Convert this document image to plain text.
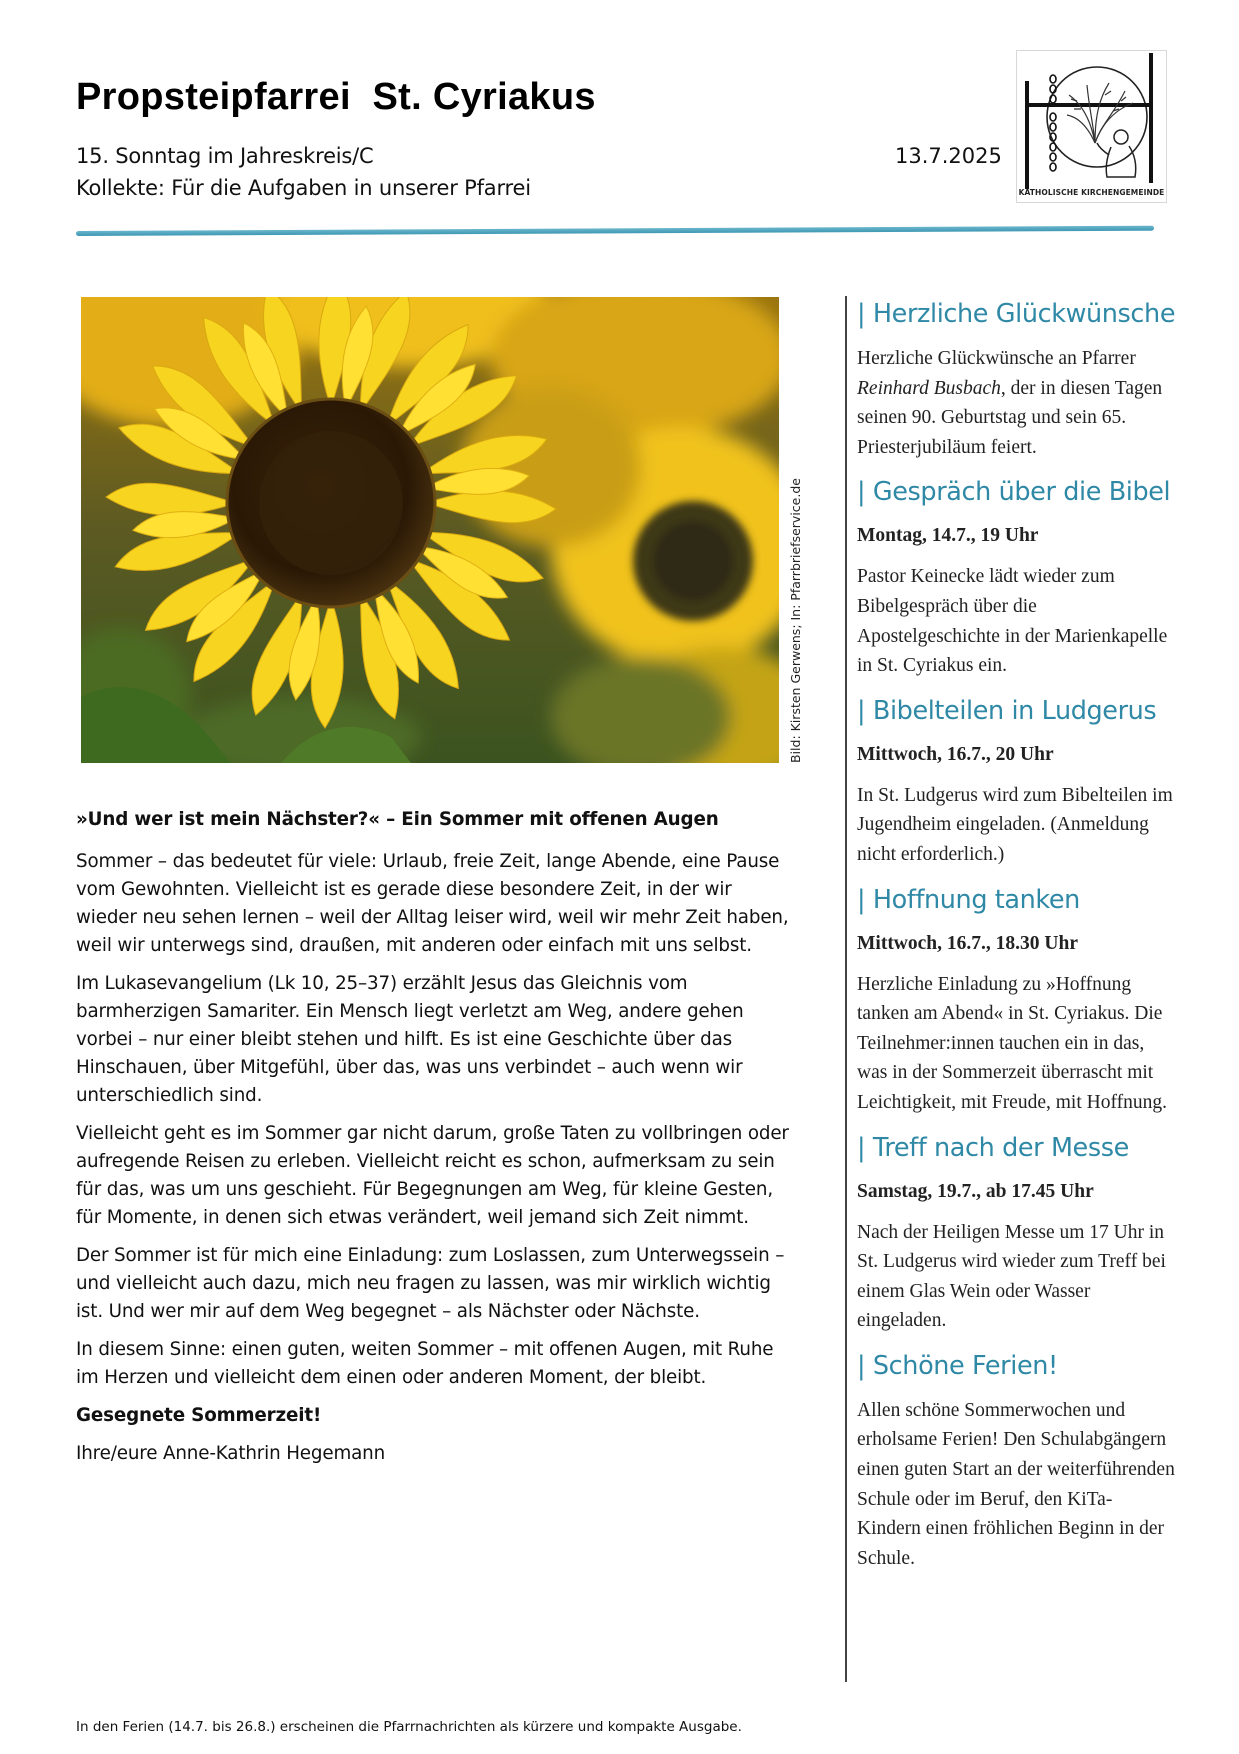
Propsteipfarrei  St. Cyriakus
15. Sonntag im Jahreskreis/C
Kollekte: Für die Aufgaben in unserer Pfarrei
13.7.2025
KATHOLISCHE KIRCHENGEMEINDE
Bild: Kirsten Gerwens; In: Pfarrbriefservice.de
»Und wer ist mein Nächster?« – Ein Sommer mit offenen Augen

Sommer – das bedeutet für viele: Urlaub, freie Zeit, lange Abende, eine Pause vom Gewohnten. Vielleicht ist es gerade diese besondere Zeit, in der wir wieder neu sehen lernen – weil der Alltag leiser wird, weil wir mehr Zeit haben, weil wir unterwegs sind, draußen, mit anderen oder einfach mit uns selbst.

Im Lukasevangelium (Lk 10, 25–37) erzählt Jesus das Gleichnis vom barmherzigen Samariter. Ein Mensch liegt verletzt am Weg, andere gehen vorbei – nur einer bleibt stehen und hilft. Es ist eine Geschichte über das Hinschauen, über Mitgefühl, über das, was uns verbindet – auch wenn wir unterschiedlich sind.

Vielleicht geht es im Sommer gar nicht darum, große Taten zu vollbringen oder aufregende Reisen zu erleben. Vielleicht reicht es schon, aufmerksam zu sein für das, was um uns geschieht. Für Begegnungen am Weg, für kleine Gesten, für Momente, in denen sich etwas verändert, weil jemand sich Zeit nimmt.

Der Sommer ist für mich eine Einladung: zum Loslassen, zum Unterwegssein – und vielleicht auch dazu, mich neu fragen zu lassen, was mir wirklich wichtig ist. Und wer mir auf dem Weg begegnet – als Nächster oder Nächste.

In diesem Sinne: einen guten, weiten Sommer – mit offenen Augen, mit Ruhe im Herzen und vielleicht dem einen oder anderen Moment, der bleibt.

Gesegnete Sommerzeit!

Ihre/eure Anne-Kathrin Hegemann

| Herzliche Glückwünsche

Herzliche Glückwünsche an Pfarrer Reinhard Busbach, der in diesen Tagen seinen 90. Geburtstag und sein 65. Priesterjubiläum feiert.

| Gespräch über die Bibel
Montag, 14.7., 19 Uhr

Pastor Keinecke lädt wieder zum Bibelgespräch über die Apostelgeschichte in der Marienkapelle in St. Cyriakus ein.

| Bibelteilen in Ludgerus
Mittwoch, 16.7., 20 Uhr

In St. Ludgerus wird zum Bibelteilen im Jugendheim eingeladen. (Anmeldung nicht erforderlich.)

| Hoffnung tanken
Mittwoch, 16.7., 18.30 Uhr

Herzliche Einladung zu »Hoffnung tanken am Abend« in St. Cyriakus. Die Teilnehmer:innen tauchen ein in das, was in der Sommerzeit überrascht mit Leichtigkeit, mit Freude, mit Hoffnung.

| Treff nach der Messe
Samstag, 19.7., ab 17.45 Uhr

Nach der Heiligen Messe um 17 Uhr in St. Ludgerus wird wieder zum Treff bei einem Glas Wein oder Wasser eingeladen.

| Schöne Ferien!

Allen schöne Sommerwochen und erholsame Ferien! Den Schulabgängern einen guten Start an der weiterführenden Schule oder im Beruf, den KiTa-Kindern einen fröhlichen Beginn in der Schule.

In den Ferien (14.7. bis 26.8.) erscheinen die Pfarrnachrichten als kürzere und kompakte Ausgabe.
